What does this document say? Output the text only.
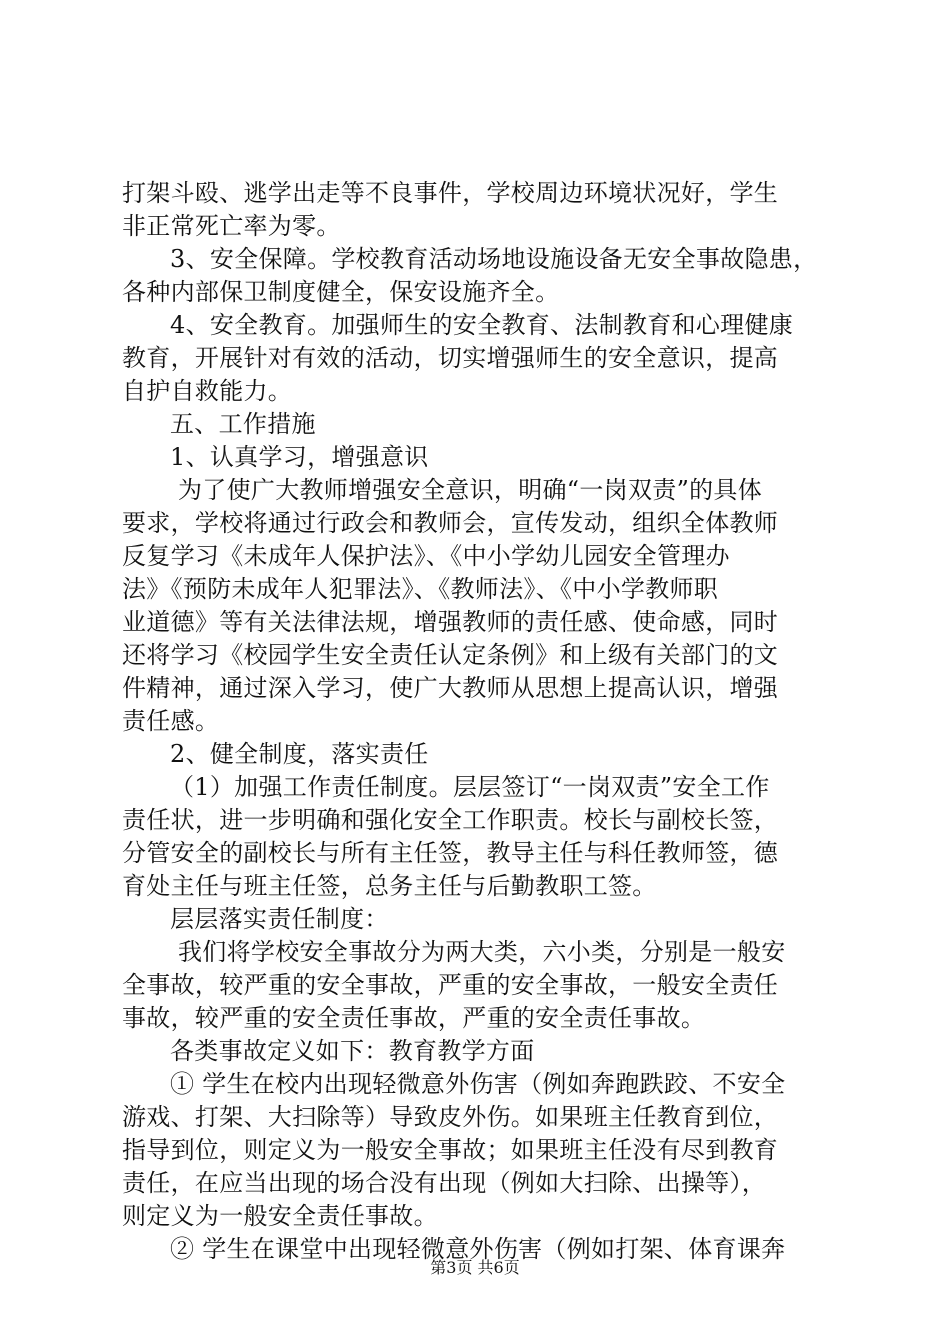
打架斗殴、逃学出走等不良事件，学校周边环境状况好，学生
非正常死亡率为零。
3、安全保障。学校教育活动场地设施设备无安全事故隐患，
各种内部保卫制度健全，保安设施齐全。
4、安全教育。加强师生的安全教育、法制教育和心理健康
教育，开展针对有效的活动，切实增强师生的安全意识，提高
自护自救能力。
五、工作措施
1、认真学习，增强意识
为了使广大教师增强安全意识，明确“一岗双责”的具体
要求，学校将通过行政会和教师会，宣传发动，组织全体教师
反复学习《未成年人保护法》、《中小学幼儿园安全管理办
法》《预防未成年人犯罪法》、《教师法》、《中小学教师职
业道德》等有关法律法规，增强教师的责任感、使命感，同时
还将学习《校园学生安全责任认定条例》和上级有关部门的文
件精神，通过深入学习，使广大教师从思想上提高认识，增强
责任感。
2、健全制度，落实责任
（1）加强工作责任制度。层层签订“一岗双责”安全工作
责任状，进一步明确和强化安全工作职责。校长与副校长签，
分管安全的副校长与所有主任签，教导主任与科任教师签，德
育处主任与班主任签，总务主任与后勤教职工签。
层层落实责任制度：
我们将学校安全事故分为两大类，六小类，分别是一般安
全事故，较严重的安全事故，严重的安全事故，一般安全责任
事故，较严重的安全责任事故，严重的安全责任事故。
各类事故定义如下：教育教学方面
① 学生在校内出现轻微意外伤害（例如奔跑跌跤、不安全
游戏、打架、大扫除等）导致皮外伤。如果班主任教育到位，
指导到位，则定义为一般安全事故；如果班主任没有尽到教育
责任，在应当出现的场合没有出现（例如大扫除、出操等），
则定义为一般安全责任事故。
② 学生在课堂中出现轻微意外伤害（例如打架、体育课奔
第3页 共6页
